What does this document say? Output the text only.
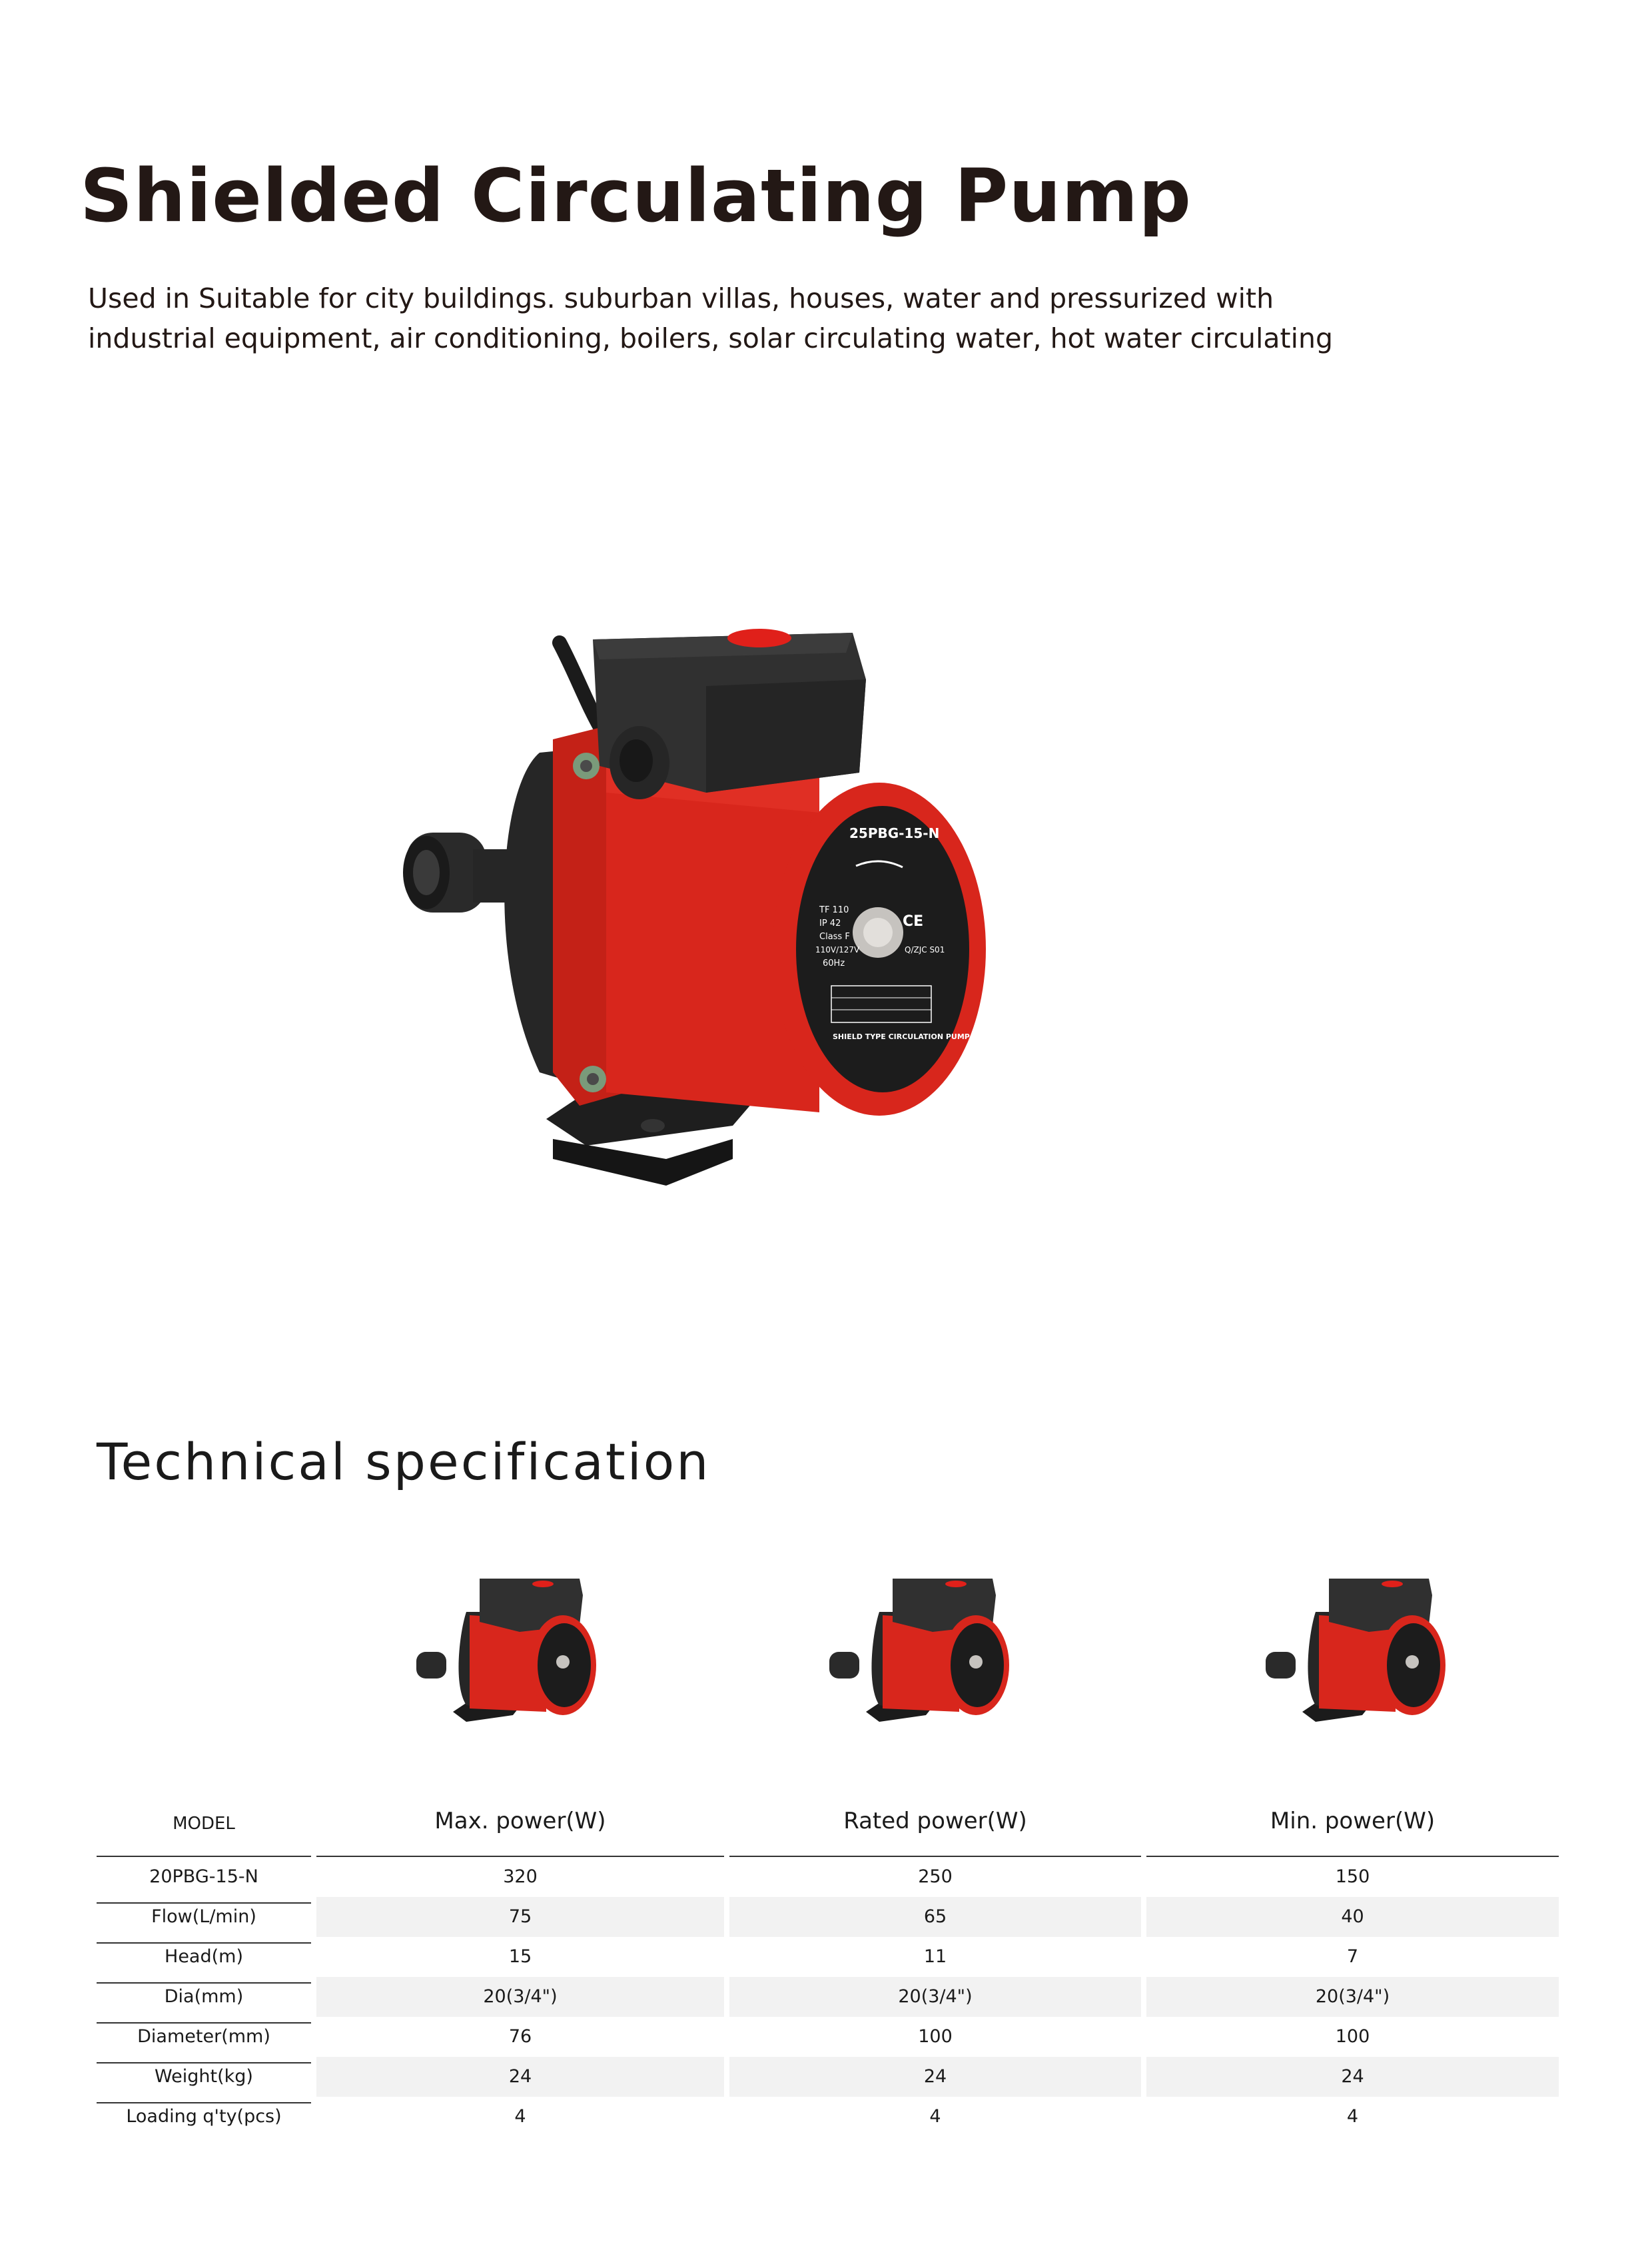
Shielded Circulating Pump

Used in Suitable for city buildings. suburban villas, houses, water and pressurized with

industrial equipment, air conditioning, boilers, solar circulating water, hot water circulating

25PBG-15-N
CE
TF 110
IP 42
Class F
110V/127V
60Hz
Q/ZJC S01
SHIELD TYPE CIRCULATION PUMP
Technical specification
MODEL	Max. power(W)	Rated power(W)	Min. power(W)
20PBG-15-N	320	250	150
Flow(L/min)	75	65	40
Head(m)	15	11	7
Dia(mm)	20(3/4")	20(3/4")	20(3/4")
Diameter(mm)	76	100	100
Weight(kg)	24	24	24
Loading q'ty(pcs)	4	4	4
